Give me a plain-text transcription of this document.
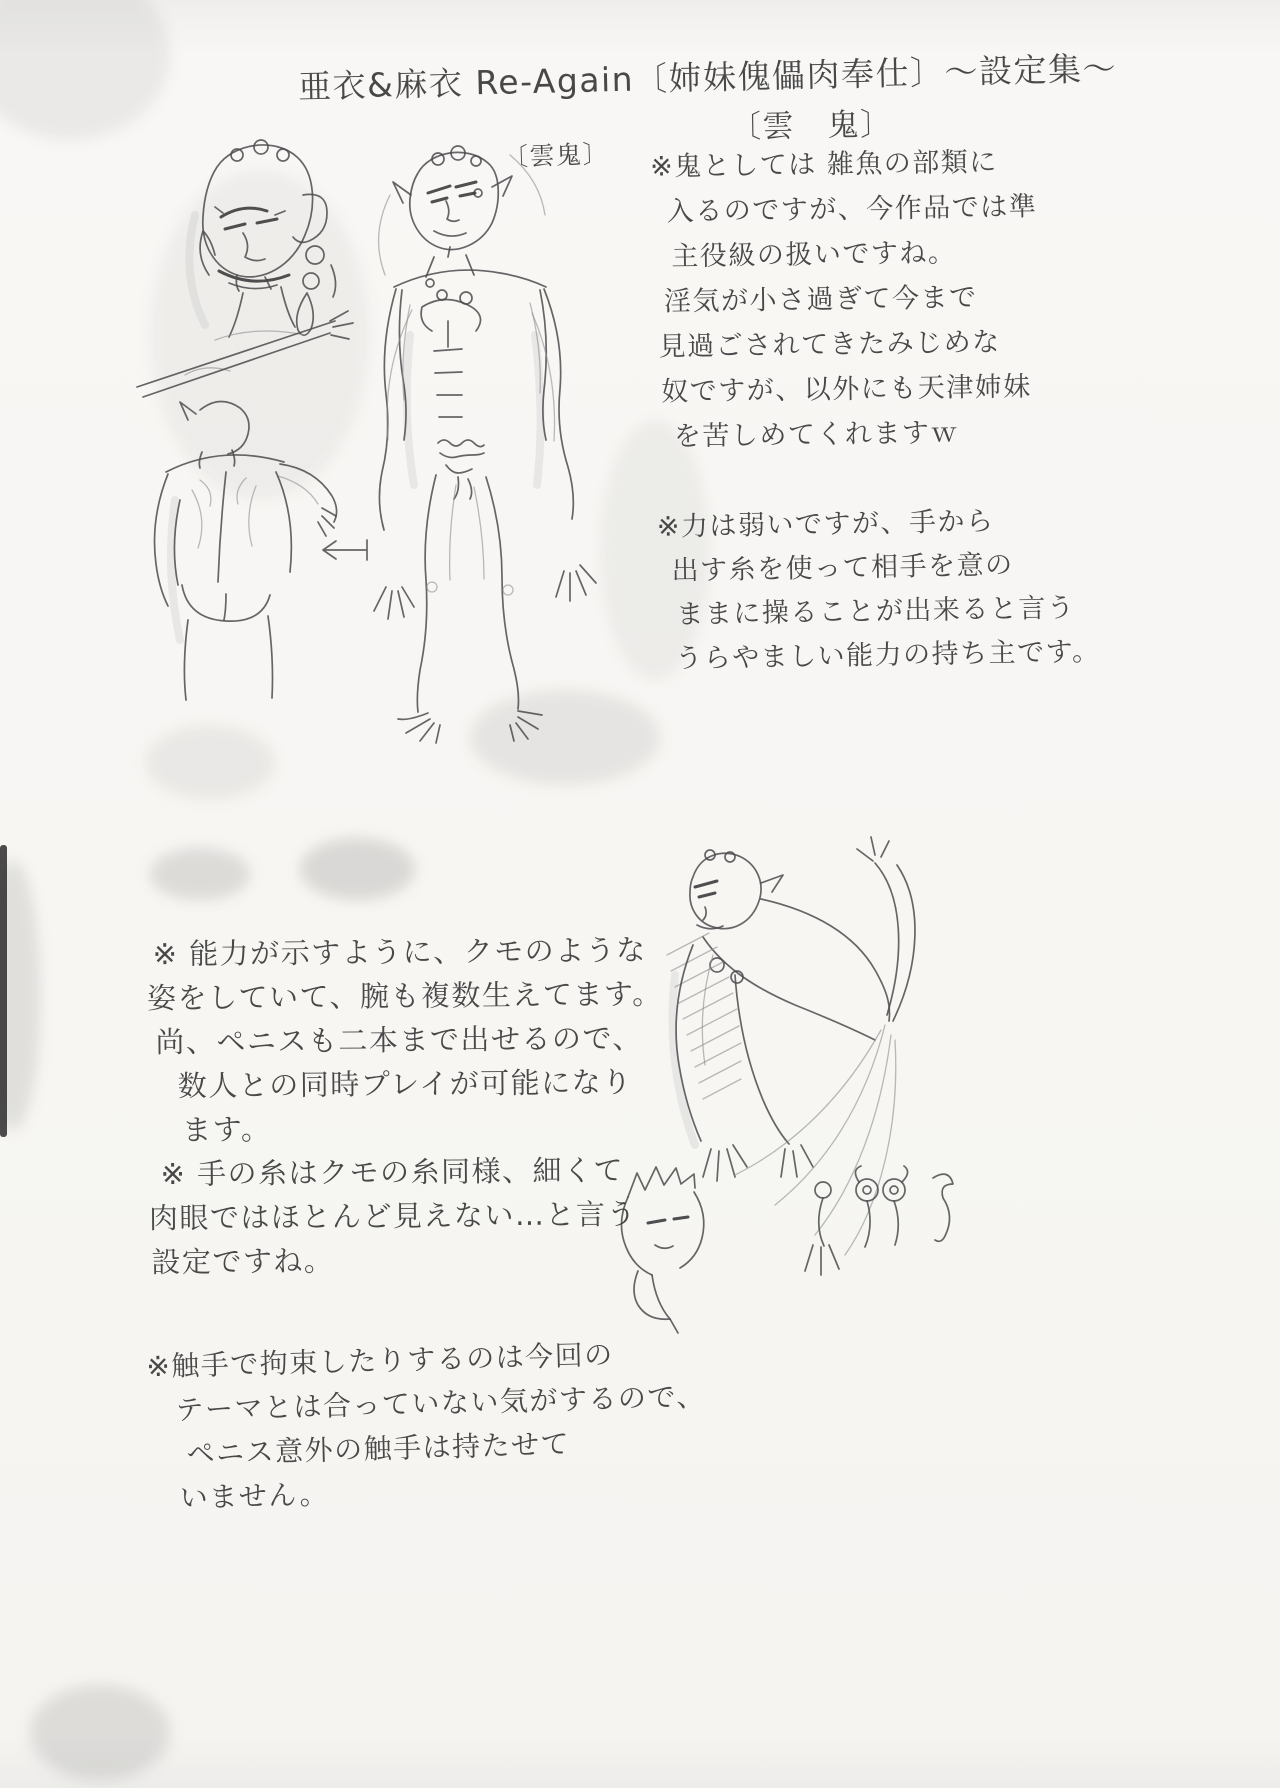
亜衣&麻衣 Re-Again〔姉妹傀儡肉奉仕〕～設定集～
〔雲　鬼〕
〔雲鬼〕 ※鬼としては 雑魚の部類に
入るのですが、今作品では準
主役級の扱いですね。
淫気が小さ過ぎて今まで
見過ごされてきたみじめな
奴ですが、以外にも天津姉妹
を苦しめてくれますｗ
※力は弱いですが、手から
出す糸を使って相手を意の
ままに操ることが出来ると言う
うらやましい能力の持ち主です。
※ 能力が示すように、クモのような
姿をしていて、腕も複数生えてます。
尚、ペニスも二本まで出せるので、
数人との同時プレイが可能になり
ます。
※ 手の糸はクモの糸同様、細くて
肉眼ではほとんど見えない…と言う
設定ですね。
※触手で拘束したりするのは今回の
テーマとは合っていない気がするので、
ペニス意外の触手は持たせて
いません。
